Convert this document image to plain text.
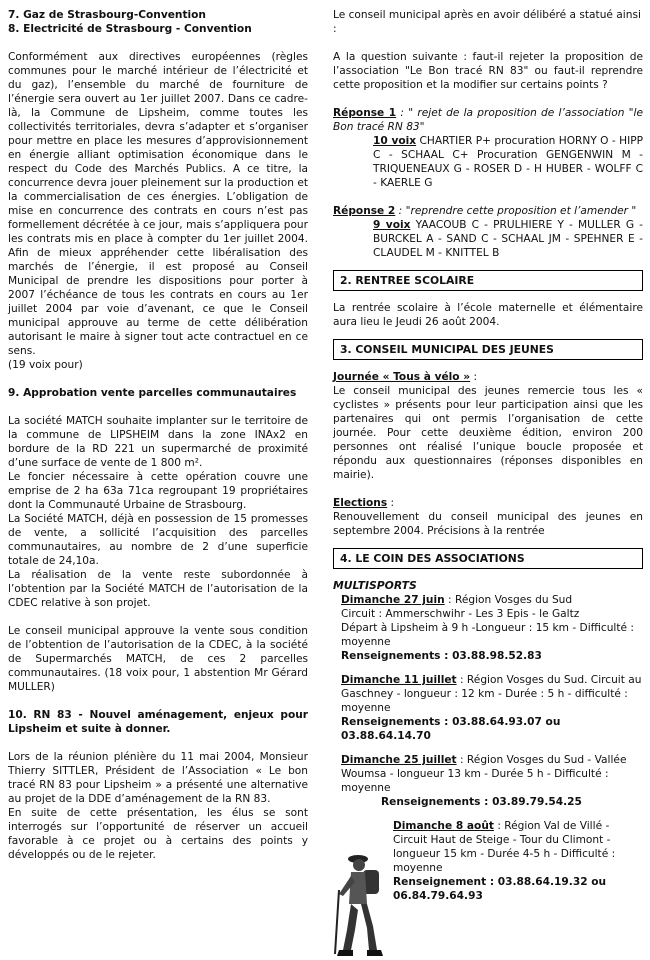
7. Gaz de Strasbourg-Convention

8. Electricité de Strasbourg - Convention

Conformément aux directives européennes (règles communes pour le marché intérieur de l’électricité et du gaz), l’ensemble du marché de fourniture de l’énergie sera ouvert au 1er juillet 2007. Dans ce cadre-là, la Commune de Lipsheim, comme toutes les collectivités territoriales, devra s’adapter et s’organiser pour mettre en place les mesures d’approvisionnement en énergie alliant optimisation économique dans le respect du Code des Marchés Publics. A ce titre, la concurrence devra jouer pleinement sur la production et la commercialisation de ces énergies. L’obligation de mise en concurrence des contrats en cours n’est pas formellement décrétée à ce jour, mais s’appliquera pour les contrats mis en place à compter du 1er juillet 2004. Afin de mieux appréhender cette libéralisation des marchés de l’énergie, il est proposé au Conseil Municipal de prendre les dispositions pour porter à 2007 l’échéance de tous les contrats en cours au 1er juillet 2004 par voie d’avenant, ce que le Conseil municipal approuve au terme de cette délibération autorisant le maire à signer tout acte contractuel en ce sens.

(19 voix pour)

9. Approbation vente parcelles communautaires

La société MATCH souhaite implanter sur le territoire de la commune de LIPSHEIM dans la zone INAx2 en bordure de la RD 221 un supermarché de proximité d’une surface de vente de 1 800 m².

Le foncier nécessaire à cette opération couvre une emprise de 2 ha 63a 71ca regroupant 19 propriétaires dont la Communauté Urbaine de Strasbourg.

La Société MATCH, déjà en possession de 15 promesses de vente, a sollicité l’acquisition des parcelles communautaires, au nombre de 2 d’une superficie totale de 24,10a.

La réalisation de la vente reste subordonnée à l’obtention par la Société MATCH de l’autorisation de la CDEC relative à son projet.

Le conseil municipal approuve la vente sous condition de l’obtention de l’autorisation de la CDEC, à la société de Supermarchés MATCH, de ces 2 parcelles communautaires. (18 voix pour, 1 abstention Mr Gérard MULLER)

10. RN 83 - Nouvel aménagement, enjeux pour Lipsheim et suite à donner.

Lors de la réunion plénière du 11 mai 2004, Monsieur Thierry SITTLER, Président de l’Association « Le bon tracé RN 83 pour Lipsheim » a présenté une alternative au projet de la DDE d’aménagement de la RN 83.

En suite de cette présentation, les élus se sont interrogés sur l’opportunité de réserver un accueil favorable à ce projet ou à certains des points y développés ou de le rejeter.

Le conseil municipal après en avoir délibéré a statué ainsi :

A la question suivante : faut-il rejeter la proposition de l’association "Le Bon tracé RN 83" ou faut-il reprendre cette proposition et la modifier sur certains points ?

Réponse 1 : " rejet de la proposition de l’association "le Bon tracé RN 83"

10 voix CHARTIER P+ procuration HORNY O - HIPP C - SCHAAL C+ Procuration GENGENWIN M - TRIQUENEAUX G - ROSER D - H HUBER - WOLFF C - KAERLE G

Réponse 2 : "reprendre cette proposition et l’amender "

9 voix YAACOUB C - PRULHIERE Y - MULLER G - BURCKEL A - SAND C - SCHAAL JM - SPEHNER E - CLAUDEL M - KNITTEL B

2. RENTREE SCOLAIRE

La rentrée scolaire à l’école maternelle et élémentaire aura lieu le Jeudi 26 août 2004.

3. CONSEIL MUNICIPAL DES JEUNES

Journée « Tous à vélo » :

Le conseil municipal des jeunes remercie tous les « cyclistes » présents pour leur participation ainsi que les partenaires qui ont permis l’organisation de cette journée. Pour cette deuxième édition, environ 200 personnes ont réalisé l’unique boucle proposée et répondu aux questionnaires (réponses disponibles en mairie).

Elections :

Renouvellement du conseil municipal des jeunes en septembre 2004. Précisions à la rentrée

4. LE COIN DES ASSOCIATIONS

MULTISPORTS

Dimanche 27 juin : Région Vosges du Sud

Circuit : Ammerschwihr - Les 3 Epis - le Galtz

Départ à Lipsheim à 9 h -Longueur : 15 km - Difficulté : moyenne

Renseignements : 03.88.98.52.83

Dimanche 11 juillet : Région Vosges du Sud. Circuit au Gaschney - longueur : 12 km - Durée : 5 h - difficulté : moyenne

Renseignements : 03.88.64.93.07 ou 03.88.64.14.70

Dimanche 25 juillet : Région Vosges du Sud - Vallée Woumsa - longueur 13 km - Durée 5 h - Difficulté : moyenne

Renseignements : 03.89.79.54.25

Dimanche 8 août : Région Val de Villé - Circuit Haut de Steige - Tour du Climont - longueur 15 km - Durée 4-5 h - Difficulté : moyenne

Renseignement : 03.88.64.19.32 ou 06.84.79.64.93
